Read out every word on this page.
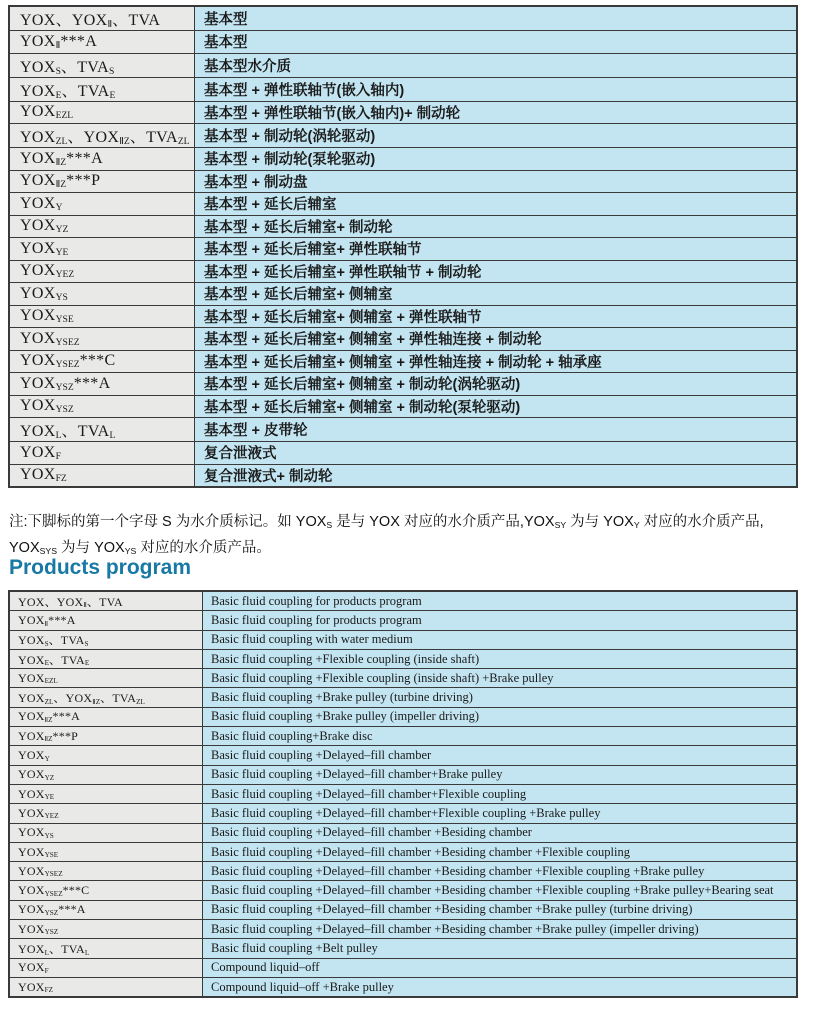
YOX、YOXⅡ、TVA	基本型
YOXⅡ***A	基本型
YOXS、TVAS	基本型水介质
YOXE、TVAE	基本型 + 弹性联轴节(嵌入轴内)
YOXEZL	基本型 + 弹性联轴节(嵌入轴内)+ 制动轮
YOXZL、YOXⅡZ、TVAZL	基本型 + 制动轮(涡轮驱动)
YOXⅡZ***A	基本型 + 制动轮(泵轮驱动)
YOXⅡZ***P	基本型 + 制动盘
YOXY	基本型 + 延长后辅室
YOXYZ	基本型 + 延长后辅室+ 制动轮
YOXYE	基本型 + 延长后辅室+ 弹性联轴节
YOXYEZ	基本型 + 延长后辅室+ 弹性联轴节 + 制动轮
YOXYS	基本型 + 延长后辅室+ 侧辅室
YOXYSE	基本型 + 延长后辅室+ 侧辅室 + 弹性联轴节
YOXYSEZ	基本型 + 延长后辅室+ 侧辅室 + 弹性轴连接 + 制动轮
YOXYSEZ***C	基本型 + 延长后辅室+ 侧辅室 + 弹性轴连接 + 制动轮 + 轴承座
YOXYSZ***A	基本型 + 延长后辅室+ 侧辅室 + 制动轮(涡轮驱动)
YOXYSZ	基本型 + 延长后辅室+ 侧辅室 + 制动轮(泵轮驱动)
YOXL、TVAL	基本型 + 皮带轮
YOXF	复合泄液式
YOXFZ	复合泄液式+ 制动轮
注:下脚标的第一个字母 S 为水介质标记。如 YOXS 是与 YOX 对应的水介质产品,YOXSY 为与 YOXY 对应的水介质产品,
YOXSYS 为与 YOXYS 对应的水介质产品。
Products program
YOX、YOXⅡ、TVA	Basic fluid coupling for products program
YOXⅡ***A	Basic fluid coupling for products program
YOXS、TVAS	Basic fluid coupling with water medium
YOXE、TVAE	Basic fluid coupling +Flexible coupling (inside shaft)
YOXEZL	Basic fluid coupling +Flexible coupling (inside shaft) +Brake pulley
YOXZL、YOXⅡZ、TVAZL	Basic fluid coupling +Brake pulley (turbine driving)
YOXⅡZ***A	Basic fluid coupling +Brake pulley (impeller driving)
YOXⅡZ***P	Basic fluid coupling+Brake disc
YOXY	Basic fluid coupling +Delayed–fill chamber
YOXYZ	Basic fluid coupling +Delayed–fill chamber+Brake pulley
YOXYE	Basic fluid coupling +Delayed–fill chamber+Flexible coupling
YOXYEZ	Basic fluid coupling +Delayed–fill chamber+Flexible coupling +Brake pulley
YOXYS	Basic fluid coupling +Delayed–fill chamber +Besiding chamber
YOXYSE	Basic fluid coupling +Delayed–fill chamber +Besiding chamber +Flexible coupling
YOXYSEZ	Basic fluid coupling +Delayed–fill chamber +Besiding chamber +Flexible coupling +Brake pulley
YOXYSEZ***C	Basic fluid coupling +Delayed–fill chamber +Besiding chamber +Flexible coupling +Brake pulley+Bearing seat
YOXYSZ***A	Basic fluid coupling +Delayed–fill chamber +Besiding chamber +Brake pulley (turbine driving)
YOXYSZ	Basic fluid coupling +Delayed–fill chamber +Besiding chamber +Brake pulley (impeller driving)
YOXL、TVAL	Basic fluid coupling +Belt pulley
YOXF	Compound liquid–off
YOXFZ	Compound liquid–off +Brake pulley
